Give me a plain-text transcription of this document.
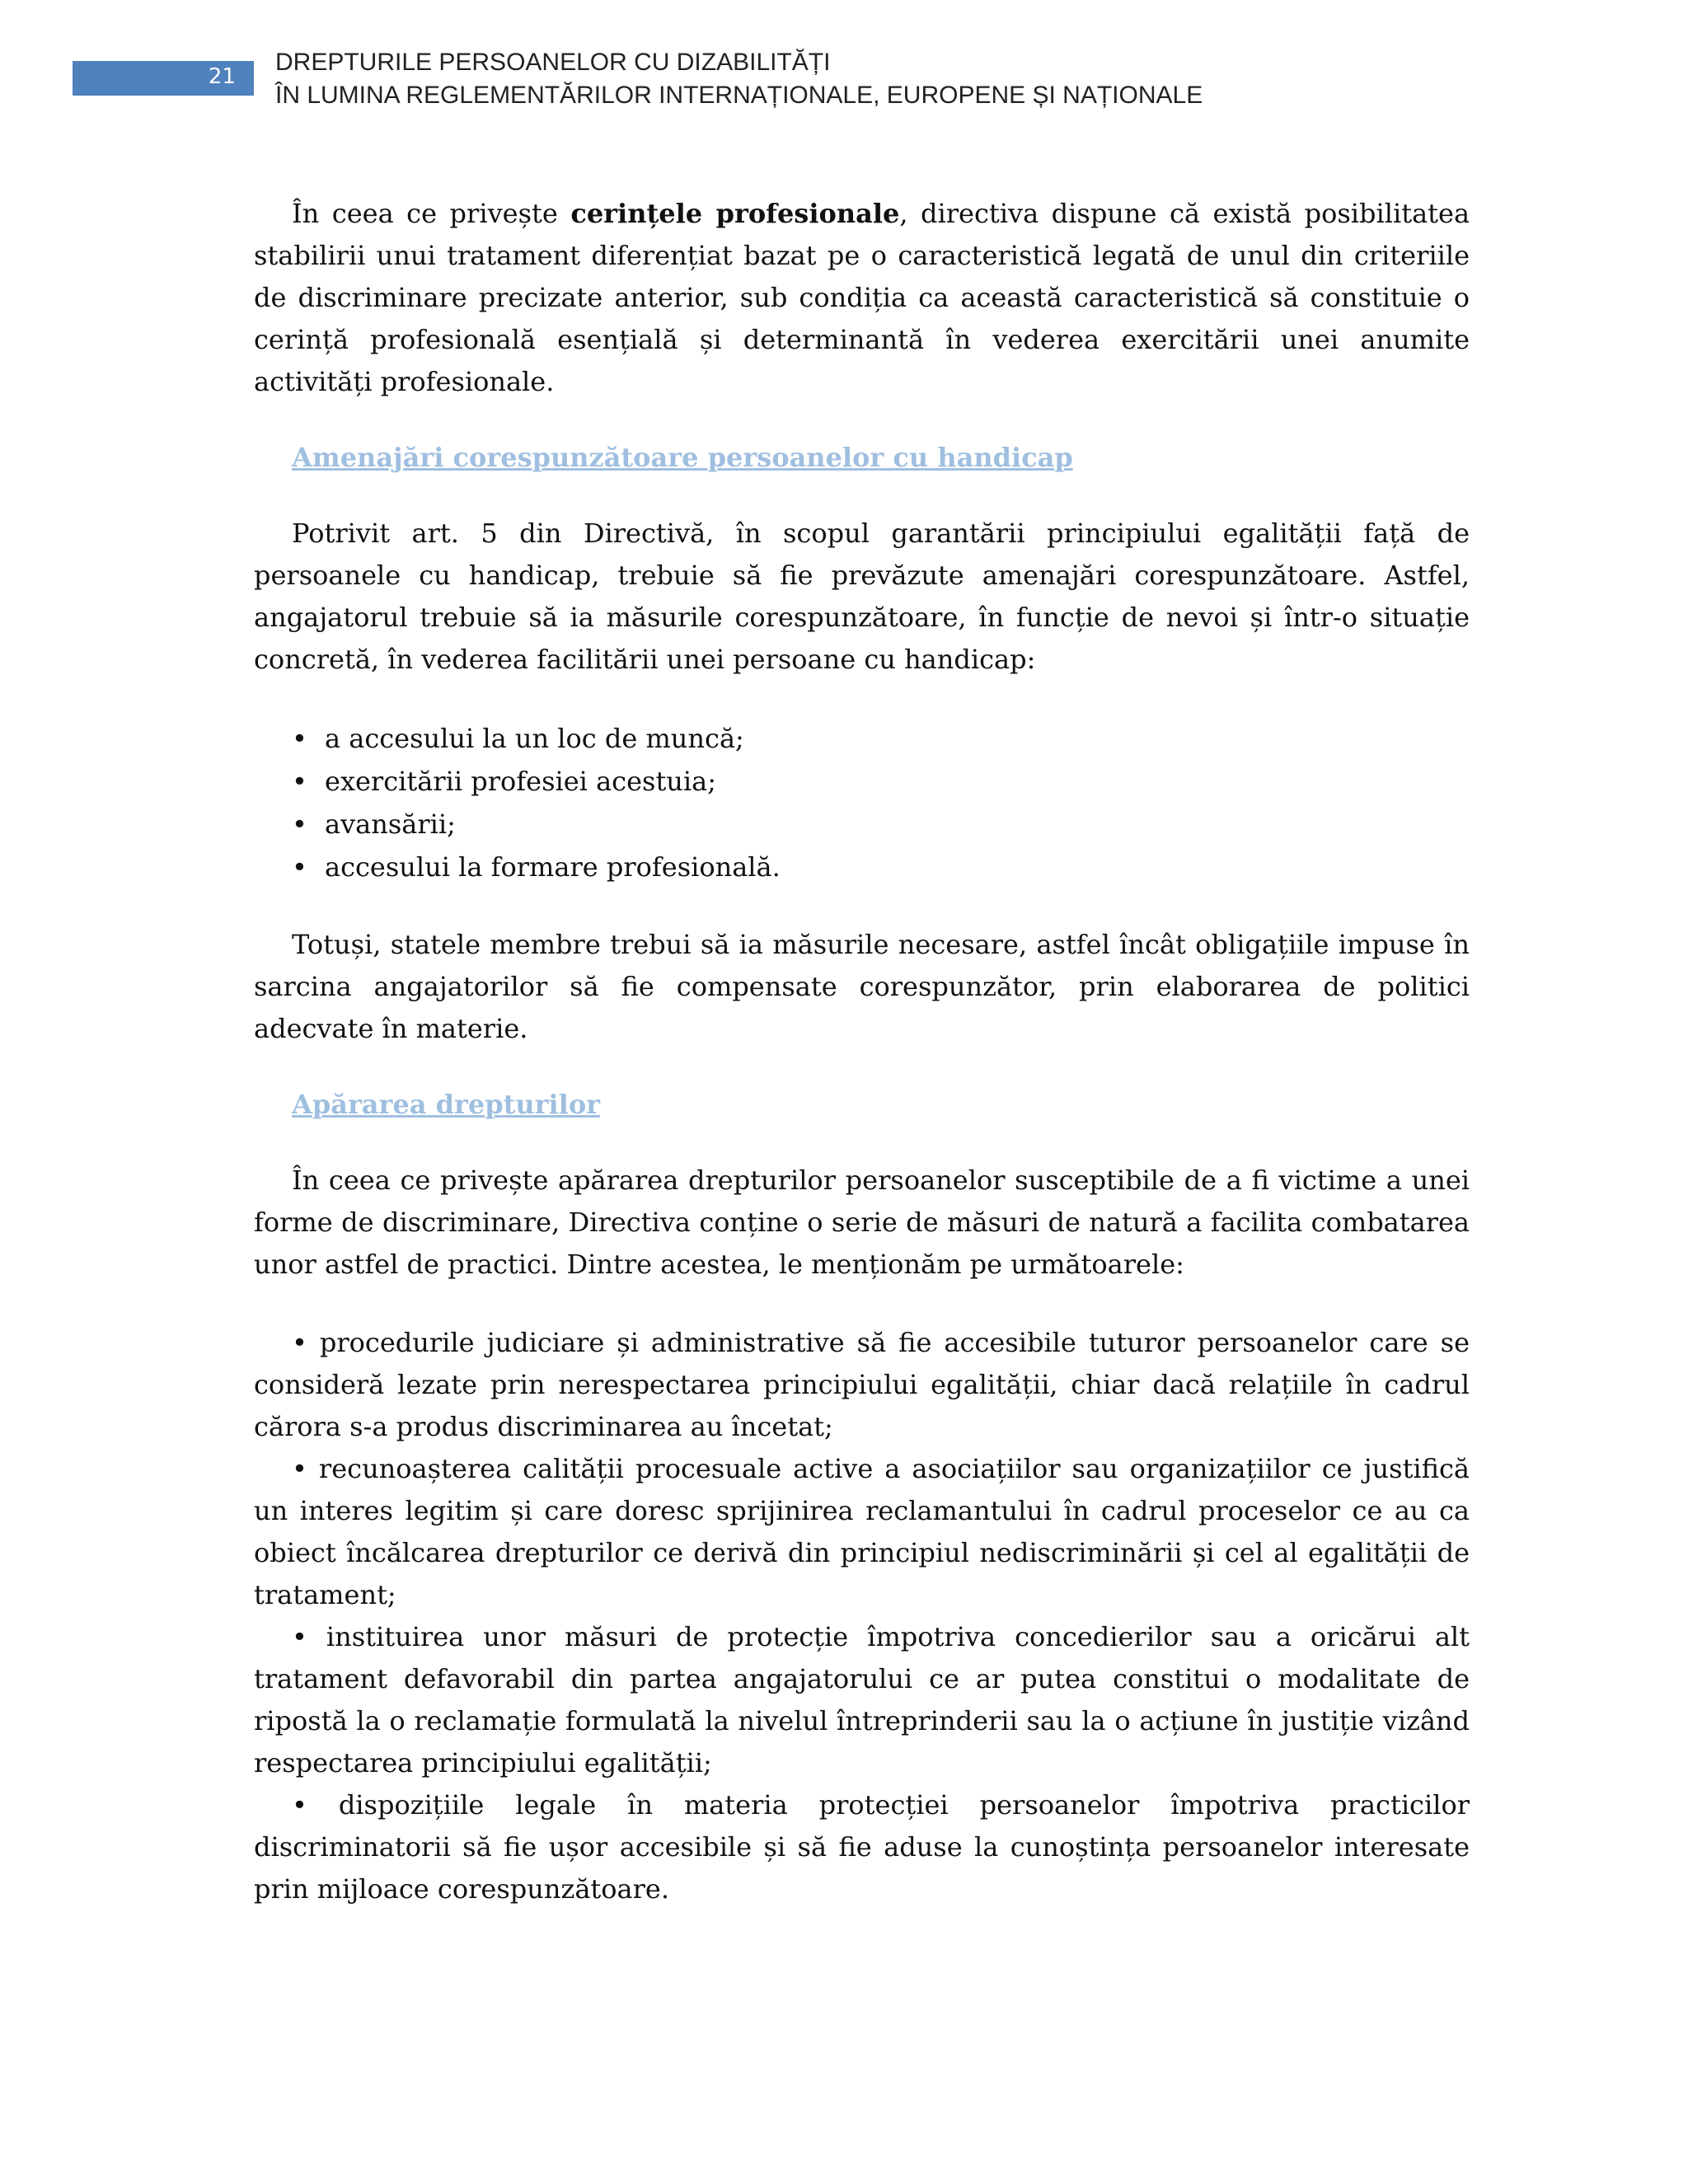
21
DREPTURILE PERSOANELOR CU DIZABILITĂȚI
ÎN LUMINA REGLEMENTĂRILOR INTERNAȚIONALE, EUROPENE ȘI NAȚIONALE

În ceea ce privește cerințele profesionale, directiva dispune că există posibilitatea stabilirii unui tratament diferențiat bazat pe o caracteristică legată de unul din criteriile de discriminare precizate anterior, sub condiția ca această caracteristică să constituie o cerință profesională esențială și determinantă în vederea exercitării unei anumite activități profesionale.

Amenajări corespunzătoare persoanelor cu handicap

Potrivit art. 5 din Directivă, în scopul garantării principiului egalității față de persoanele cu handicap, trebuie să fie prevăzute amenajări corespunzătoare. Astfel, angajatorul trebuie să ia măsurile corespunzătoare, în funcție de nevoi și într-o situație concretă, în vederea facilitării unei persoane cu handicap:

• a accesului la un loc de muncă;
• exercitării profesiei acestuia;
• avansării;
• accesului la formare profesională.

Totuși, statele membre trebui să ia măsurile necesare, astfel încât obligațiile impuse în sarcina angajatorilor să fie compensate corespunzător, prin elaborarea de politici adecvate în materie.

Apărarea drepturilor

În ceea ce privește apărarea drepturilor persoanelor susceptibile de a fi victime a unei forme de discriminare, Directiva conține o serie de măsuri de natură a facilita combatarea unor astfel de practici. Dintre acestea, le menționăm pe următoarele:

• procedurile judiciare și administrative să fie accesibile tuturor persoanelor care se consideră lezate prin nerespectarea principiului egalității, chiar dacă relațiile în cadrul cărora s-a produs discriminarea au încetat;
• recunoașterea calității procesuale active a asociațiilor sau organizațiilor ce justifică un interes legitim și care doresc sprijinirea reclamantului în cadrul proceselor ce au ca obiect încălcarea drepturilor ce derivă din principiul nediscriminării și cel al egalității de tratament;
• instituirea unor măsuri de protecție împotriva concedierilor sau a oricărui alt tratament defavorabil din partea angajatorului ce ar putea constitui o modalitate de ripostă la o reclamație formulată la nivelul întreprinderii sau la o acțiune în justiție vizând respectarea principiului egalității;
• dispozițiile legale în materia protecției persoanelor împotriva practicilor discriminatorii să fie ușor accesibile și să fie aduse la cunoștința persoanelor interesate prin mijloace corespunzătoare.
